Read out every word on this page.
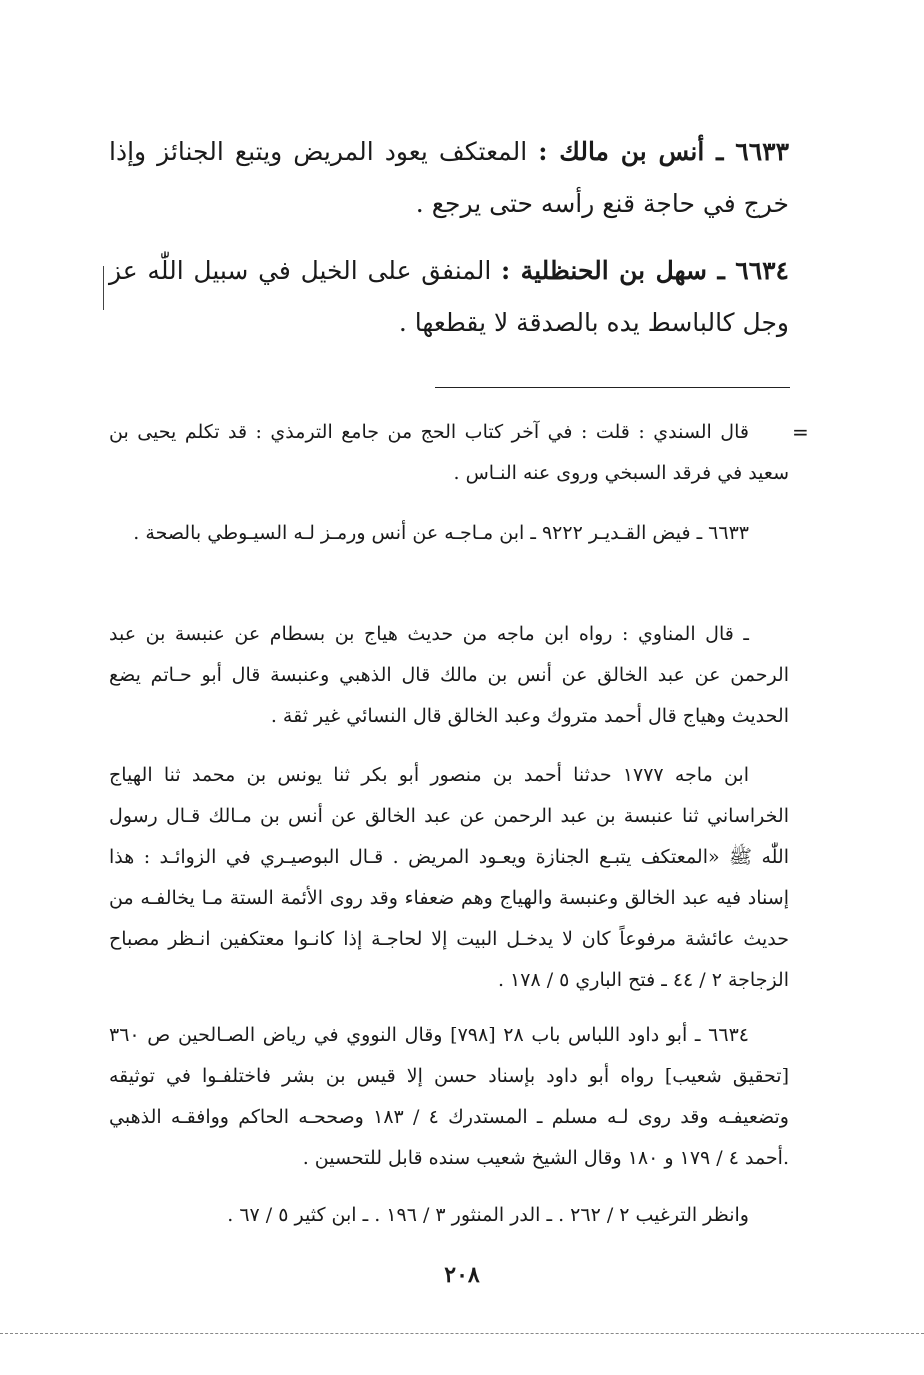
٦٦٣٣ ـ أنس بن مالك : المعتكف يعود المريض ويتبع الجنائز وإذا خرج في حاجة قنع رأسه حتى يرجع .
٦٦٣٤ ـ سهل بن الحنظلية : المنفق على الخيل في سبيل اللّٰه عز وجل كالباسط يده بالصدقة لا يقطعها .
=
قال السندي : قلت : في آخر كتاب الحج من جامع الترمذي : قد تكلم يحيى بن سعيد في فرقد السبخي وروى عنه النـاس .
٦٦٣٣ ـ فيض القـديـر ٩٢٢٢ ـ ابن مـاجـه عن أنس ورمـز لـه السيـوطي بالصحة .
ـ قال المناوي : رواه ابن ماجه من حديث هياج بن بسطام عن عنبسة بن عبد الرحمن عن عبد الخالق عن أنس بن مالك قال الذهبي وعنبسة قال أبو حـاتم يضع الحديث وهياج قال أحمد متروك وعبد الخالق قال النسائي غير ثقة .
ابن ماجه ١٧٧٧ حدثنا أحمد بن منصور أبو بكر ثنا يونس بن محمد ثنا الهياج الخراساني ثنا عنبسة بن عبد الرحمن عن عبد الخالق عن أنس بن مـالك قـال رسول اللّٰه ﷺ «المعتكف يتبـع الجنازة ويعـود المريض . قـال البوصيـري في الزوائـد : هذا إسناد فيه عبد الخالق وعنبسة والهياج وهم ضعفاء وقد روى الأئمة الستة مـا يخالفـه من حديث عائشة مرفوعاً كان لا يدخـل البيت إلا لحاجـة إذا كانـوا معتكفين انـظر مصباح الزجاجة ٢ / ٤٤ ـ فتح الباري ٥ / ١٧٨ .
٦٦٣٤ ـ أبو داود اللباس باب ٢٨ [٧٩٨] وقال النووي في رياض الصـالحين ص ٣٦٠ [تحقيق شعيب] رواه أبو داود بإسناد حسن إلا قيس بن بشر فاختلفـوا في توثيقه وتضعيفـه وقد روى لـه مسلم ـ المستدرك ٤ / ١٨٣ وصححـه الحاكم ووافقـه الذهبي .أحمد ٤ / ١٧٩ و ١٨٠ وقال الشيخ شعيب سنده قابل للتحسين .
وانظر الترغيب ٢ / ٢٦٢ . ـ الدر المنثور ٣ / ١٩٦ . ـ ابن كثير ٥ / ٦٧ .
٢٠٨
